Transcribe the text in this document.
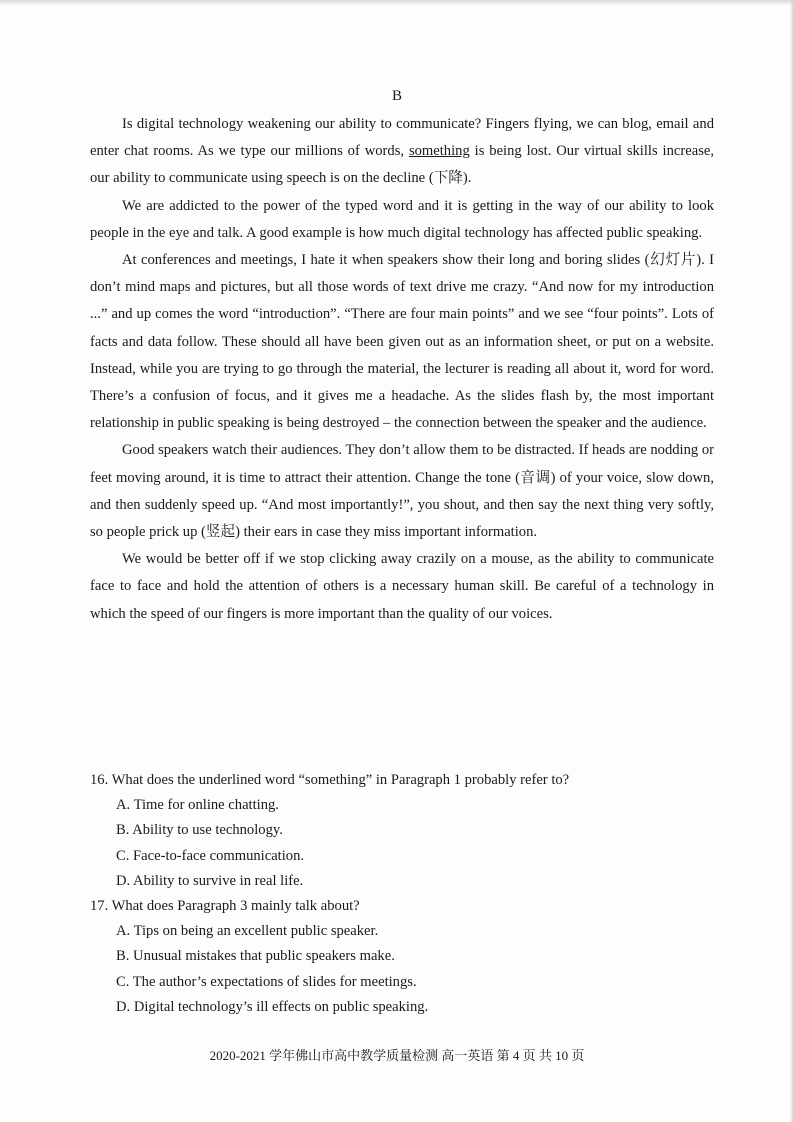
B

Is digital technology weakening our ability to communicate? Fingers flying, we can blog, email and enter chat rooms. As we type our millions of words, something is being lost. Our virtual skills increase, our ability to communicate using speech is on the decline (下降).

We are addicted to the power of the typed word and it is getting in the way of our ability to look people in the eye and talk. A good example is how much digital technology has affected public speaking.

At conferences and meetings, I hate it when speakers show their long and boring slides (幻灯片). I don’t mind maps and pictures, but all those words of text drive me crazy. “And now for my introduction ...” and up comes the word “introduction”. “There are four main points” and we see “four points”. Lots of facts and data follow. These should all have been given out as an information sheet, or put on a website. Instead, while you are trying to go through the material, the lecturer is reading all about it, word for word. There’s a confusion of focus, and it gives me a headache. As the slides flash by, the most important relationship in public speaking is being destroyed – the connection between the speaker and the audience.

Good speakers watch their audiences. They don’t allow them to be distracted. If heads are nodding or feet moving around, it is time to attract their attention. Change the tone (音调) of your voice, slow down, and then suddenly speed up. “And most importantly!”, you shout, and then say the next thing very softly, so people prick up (竖起) their ears in case they miss important information.

We would be better off if we stop clicking away crazily on a mouse, as the ability to communicate face to face and hold the attention of others is a necessary human skill. Be careful of a technology in which the speed of our fingers is more important than the quality of our voices.

16. What does the underlined word “something” in Paragraph 1 probably refer to?

A. Time for online chatting.

B. Ability to use technology.

C. Face-to-face communication.

D. Ability to survive in real life.

17. What does Paragraph 3 mainly talk about?

A. Tips on being an excellent public speaker.

B. Unusual mistakes that public speakers make.

C. The author’s expectations of slides for meetings.

D. Digital technology’s ill effects on public speaking.

2020-2021 学年佛山市高中教学质量检测 高一英语 第 4 页 共 10 页
